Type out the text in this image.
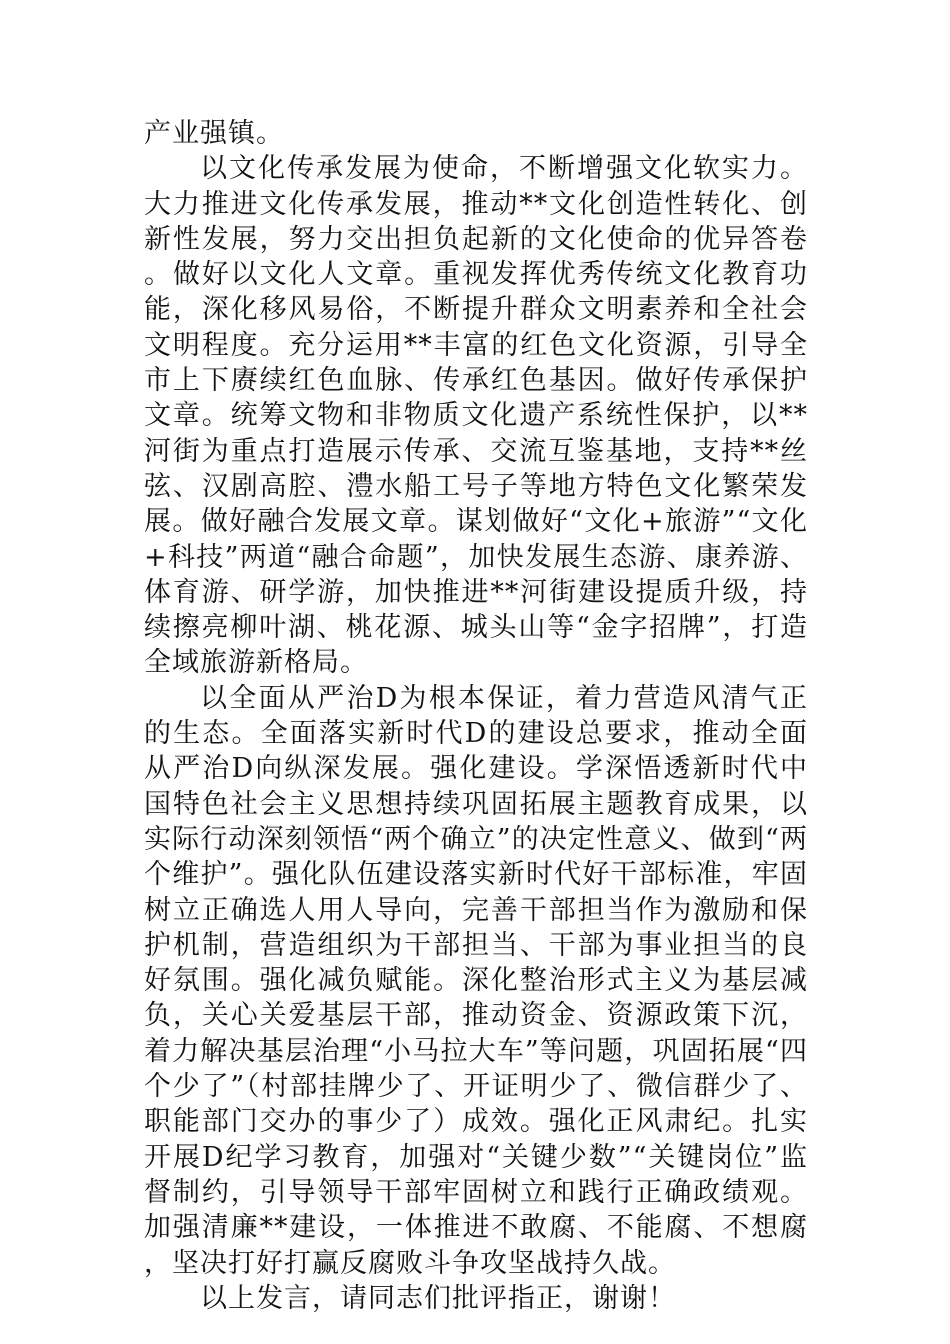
产业强镇。

以文化传承发展为使命，不断增强文化软实力。大力推进文化传承发展，推动**文化创造性转化、创新性发展，努力交出担负起新的文化使命的优异答卷。做好以文化人文章。重视发挥优秀传统文化教育功能，深化移风易俗，不断提升群众文明素养和全社会文明程度。充分运用**丰富的红色文化资源，引导全市上下赓续红色血脉、传承红色基因。做好传承保护文章。统筹文物和非物质文化遗产系统性保护，以**河街为重点打造展示传承、交流互鉴基地，支持**丝弦、汉剧高腔、澧水船工号子等地方特色文化繁荣发展。做好融合发展文章。谋划做好“文化+旅游”“文化+科技”两道“融合命题”，加快发展生态游、康养游、体育游、研学游，加快推进**河街建设提质升级，持续擦亮柳叶湖、桃花源、城头山等“金字招牌”，打造全域旅游新格局。

以全面从严治D为根本保证，着力营造风清气正的生态。全面落实新时代D的建设总要求，推动全面从严治D向纵深发展。强化建设。学深悟透新时代中国特色社会主义思想持续巩固拓展主题教育成果，以实际行动深刻领悟“两个确立”的决定性意义、做到“两个维护”。强化队伍建设落实新时代好干部标准，牢固树立正确选人用人导向，完善干部担当作为激励和保护机制，营造组织为干部担当、干部为事业担当的良好氛围。强化减负赋能。深化整治形式主义为基层减负，关心关爱基层干部，推动资金、资源政策下沉，着力解决基层治理“小马拉大车”等问题，巩固拓展“四个少了”（村部挂牌少了、开证明少了、微信群少了、职能部门交办的事少了）成效。强化正风肃纪。扎实开展D纪学习教育，加强对“关键少数”“关键岗位”监督制约，引导领导干部牢固树立和践行正确政绩观。加强清廉**建设，一体推进不敢腐、不能腐、不想腐，坚决打好打赢反腐败斗争攻坚战持久战。

以上发言，请同志们批评指正，谢谢！
